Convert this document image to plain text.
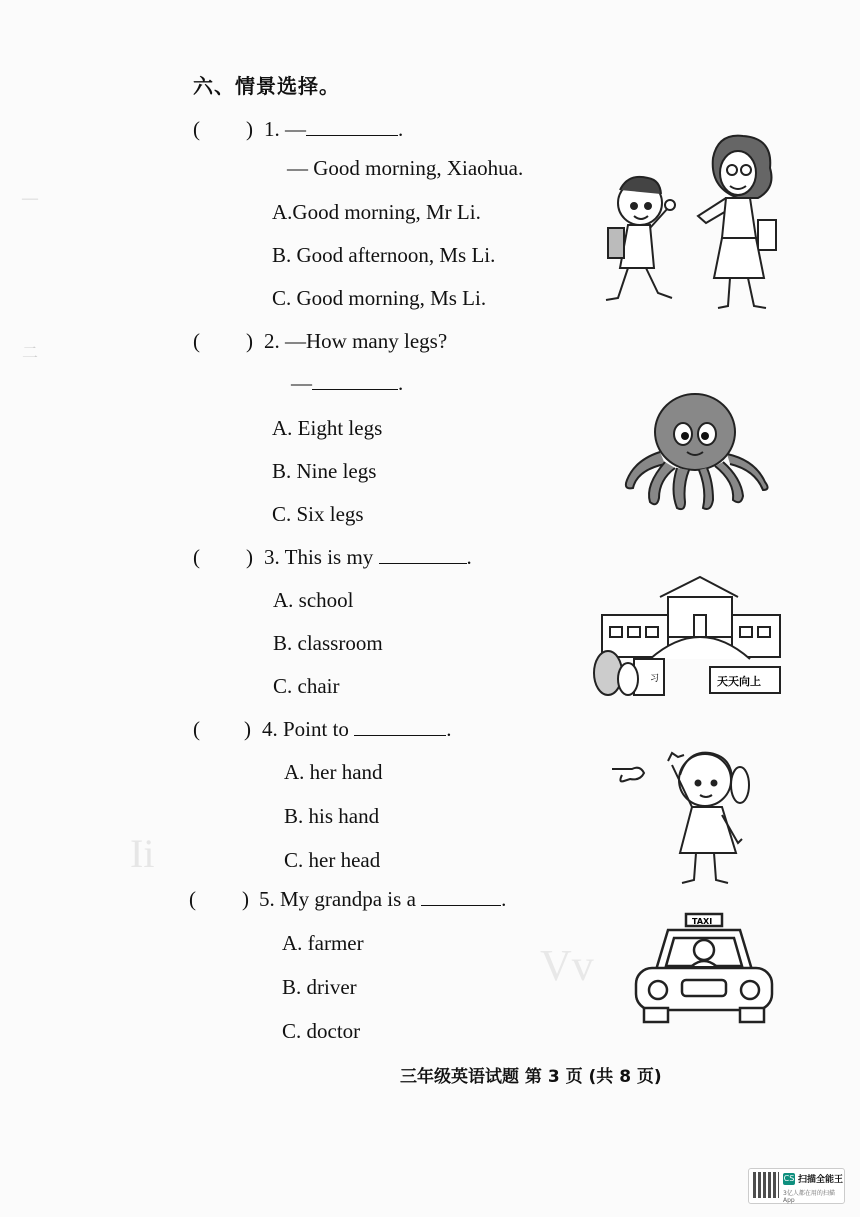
—
二
Ii
Vv
六、情景选择。
( ) 1. —	.
— Good morning, Xiaohua.
A.Good morning, Mr Li.
B. Good afternoon, Ms Li.
C. Good morning, Ms Li.
( ) 2. —How many legs?
—	.
A. Eight legs
B. Nine legs
C. Six legs
( ) 3. This is my	.
A. school
B. classroom
C. chair
( ) 4. Point to	.
A. her hand
B. his hand
C. her head
( ) 5. My grandpa is a	.
A. farmer
B. driver
C. doctor
习	天天向上
TAXI
三年级英语试题 第 3 页 (共 8 页)
CS 扫描全能王
3亿人都在用的扫描App
